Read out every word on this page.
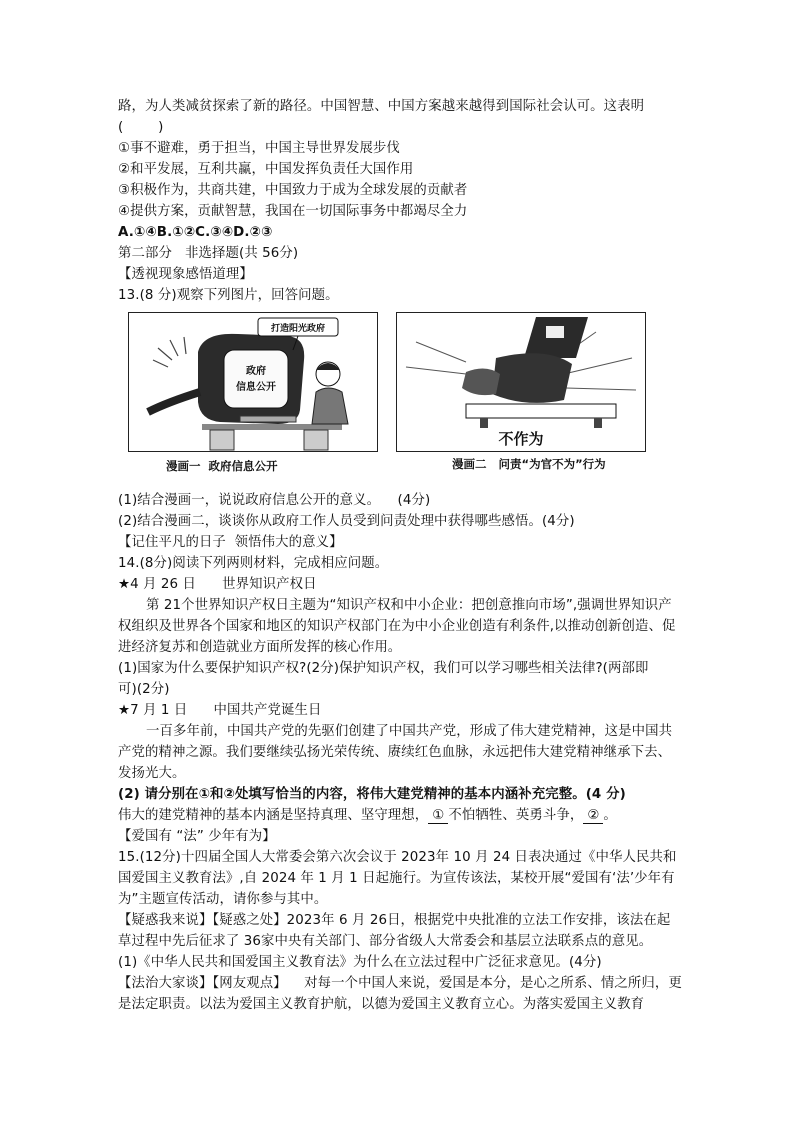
路，为人类减贫探索了新的路径。中国智慧、中国方案越来越得到国际社会认可。这表明
(        )
①事不避难，勇于担当，中国主导世界发展步伐
②和平发展，互利共赢，中国发挥负责任大国作用
③积极作为，共商共建，中国致力于成为全球发展的贡献者
④提供方案，贡献智慧，我国在一切国际事务中都竭尽全力
A.①④B.①②C.③④D.②③
第二部分   非选择题(共 56分)
【透视现象感悟道理】
13.(8 分)观察下列图片，回答问题。
政府
信息公开
打造阳光政府
不作为
漫画一  政府信息公开	漫画二   问责“为官不为”行为
(1)结合漫画一，说说政府信息公开的意义。    (4分)
(2)结合漫画二，谈谈你从政府工作人员受到问责处理中获得哪些感悟。(4分)
【记住平凡的日子  领悟伟大的意义】
14.(8分)阅读下列两则材料，完成相应问题。
★4 月 26 日      世界知识产权日
第 21个世界知识产权日主题为“知识产权和中小企业：把创意推向市场”,强调世界知识产权组织及世界各个国家和地区的知识产权部门在为中小企业创造有利条件,以推动创新创造、促进经济复苏和创造就业方面所发挥的核心作用。
(1)国家为什么要保护知识产权?(2分)保护知识产权，我们可以学习哪些相关法律?(两部即
可)(2分)
★7 月 1 日      中国共产党诞生日
一百多年前，中国共产党的先驱们创建了中国共产党，形成了伟大建党精神，这是中国共产党的精神之源。我们要继续弘扬光荣传统、赓续红色血脉，永远把伟大建党精神继承下去、发扬光大。
(2) 请分别在①和②处填写恰当的内容，将伟大建党精神的基本内涵补充完整。(4 分)
伟大的建党精神的基本内涵是坚持真理、坚守理想， ① 不怕牺牲、英勇斗争， ② 。
【爱国有 “法” 少年有为】
15.(12分)十四届全国人大常委会第六次会议于 2023年 10 月 24 日表决通过《中华人民共和国爱国主义教育法》,自 2024 年 1 月 1 日起施行。为宣传该法，某校开展“爱国有‘法’少年有为”主题宣传活动，请你参与其中。
【疑惑我来说】【疑惑之处】2023年 6 月 26日，根据党中央批准的立法工作安排，该法在起草过程中先后征求了 36家中央有关部门、部分省级人大常委会和基层立法联系点的意见。
(1)《中华人民共和国爱国主义教育法》为什么在立法过程中广泛征求意见。(4分)
【法治大家谈】【网友观点】    对每一个中国人来说，爱国是本分，是心之所系、情之所归，更是法定职责。以法为爱国主义教育护航，以德为爱国主义教育立心。为落实爱国主义教育
